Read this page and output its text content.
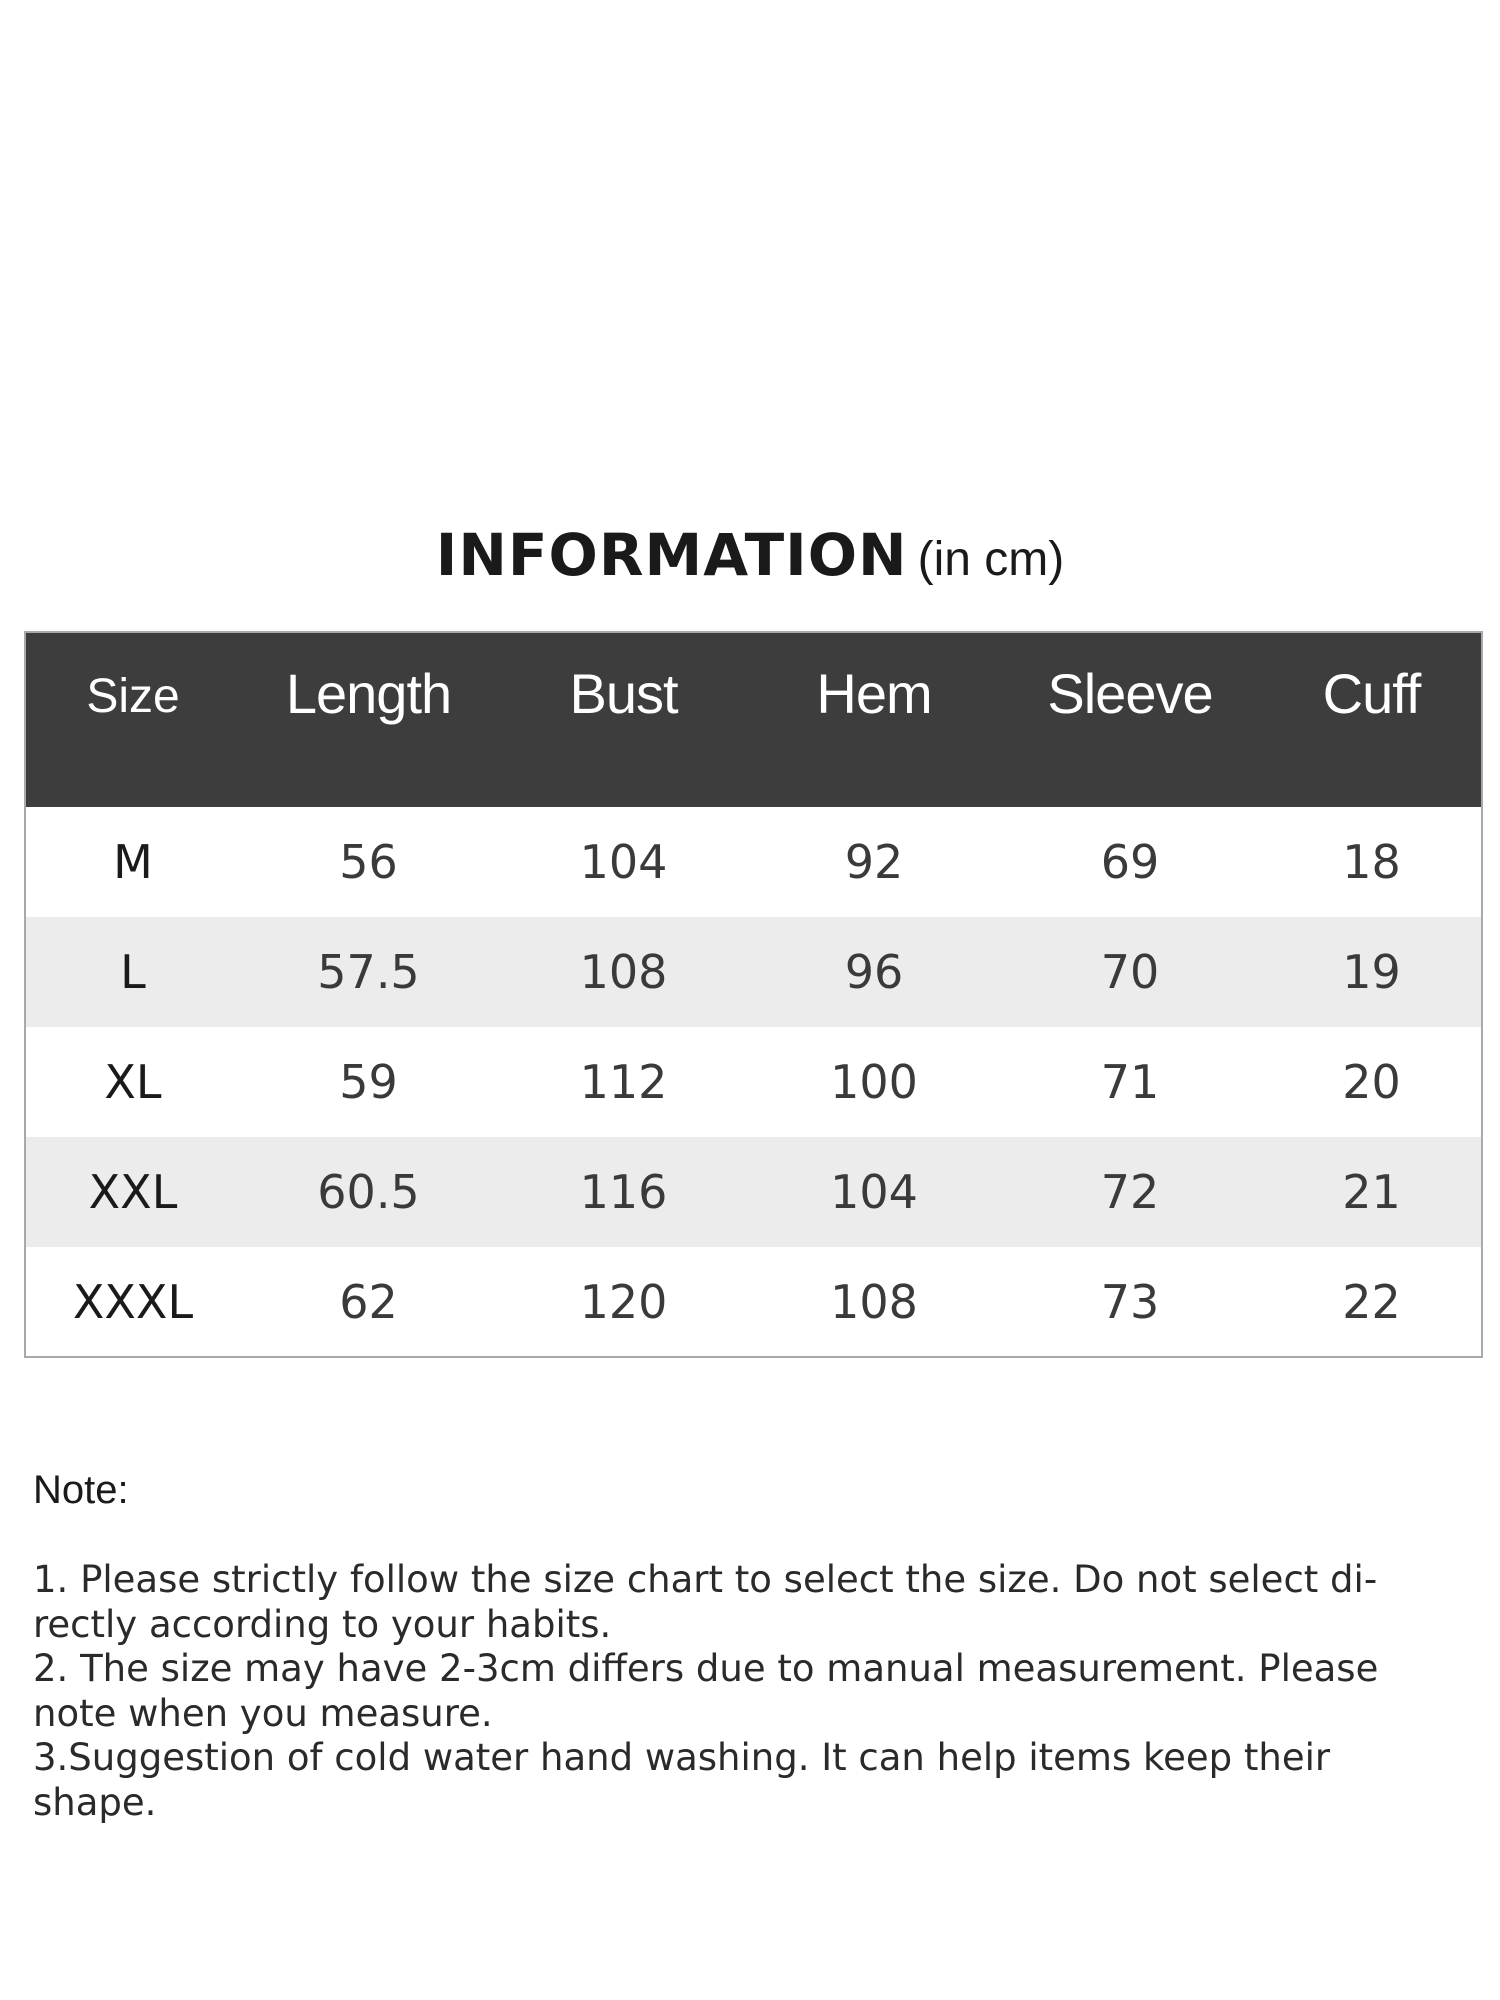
INFORMATION (in cm)
Size	Length	Bust	Hem	Sleeve	Cuff
M	56	104	92	69	18
L	57.5	108	96	70	19
XL	59	112	100	71	20
XXL	60.5	116	104	72	21
XXXL	62	120	108	73	22
Note:
1. Please strictly follow the size chart to select the size. Do not select di-
rectly according to your habits.
2. The size may have 2-3cm differs due to manual measurement. Please
note when you measure.
3.Suggestion of cold water hand washing. It can help items keep their
shape.
